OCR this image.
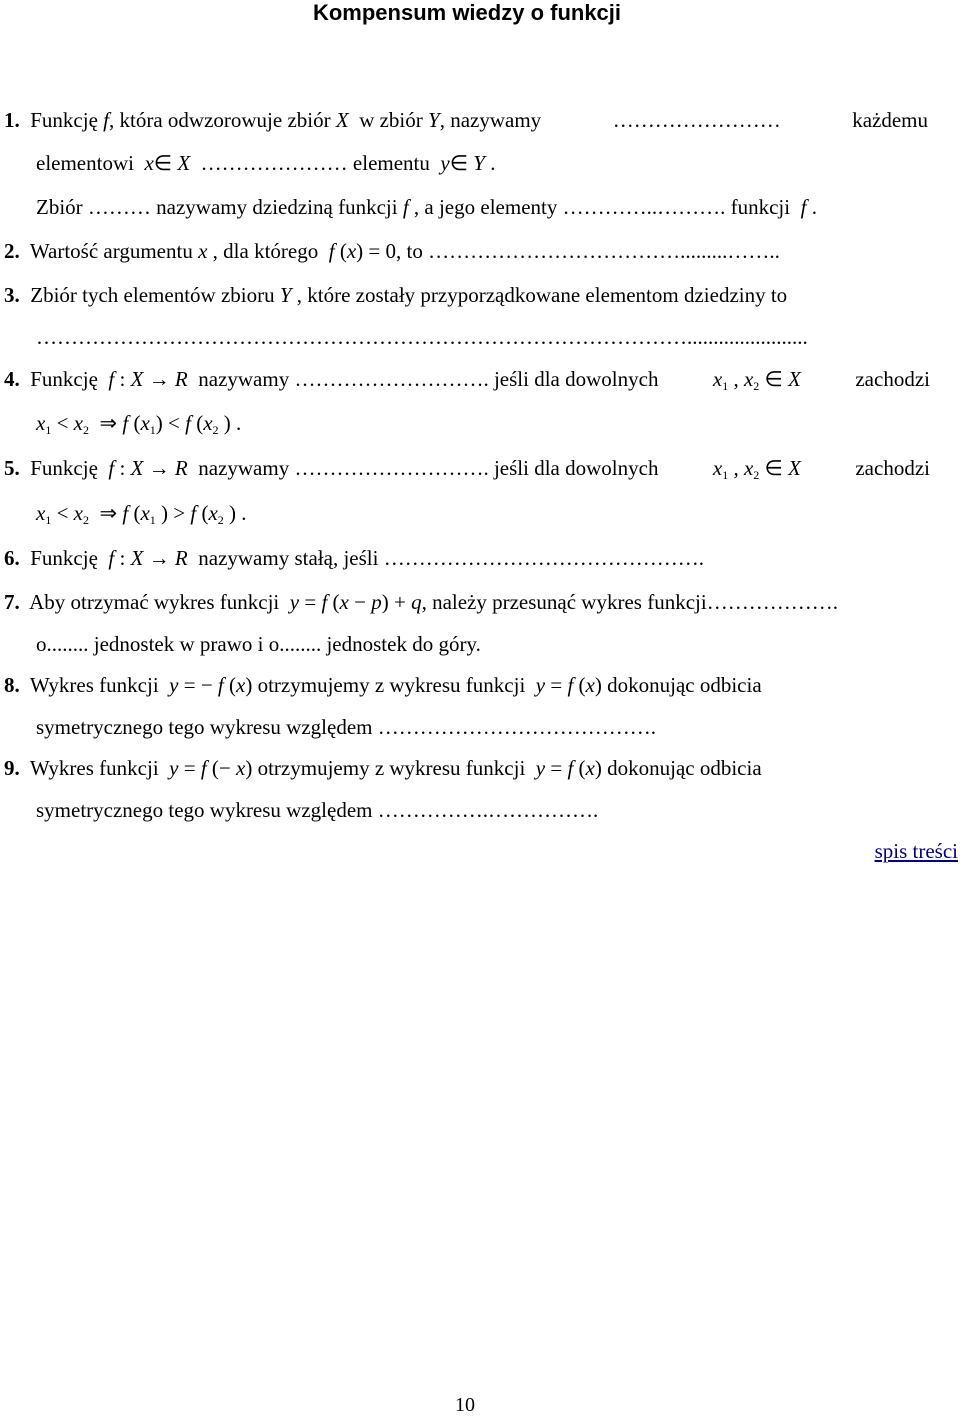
Kompensum wiedzy o funkcji
1. Funkcję f, która odwzorowuje zbiór X w zbiór Y, nazywamy	……………………	każdemu
elementowi x∈ X ………………… elementu y∈ Y .
Zbiór ……… nazywamy dziedziną funkcji f , a jego elementy …………..………. funkcji f .
2. Wartość argumentu x , dla którego f (x) = 0, to ……………………………….........……..
3. Zbiór tych elementów zbioru Y , które zostały przyporządkowane elementom dziedziny to
………………………………………………………………………………….......................
4. Funkcję f : X → R nazywamy ………………………. jeśli dla dowolnych	$x_1$ , $x_2$ ∈ X	zachodzi
$x_1 < x_2$  ⇒ f $(x_1) < f$ ($x_2$ ) .
5. Funkcję f : X → R nazywamy ………………………. jeśli dla dowolnych	$x_1$ , $x_2$ ∈ X	zachodzi
$x_1 < x_2$  ⇒ f ($x_1$ ) > f ($x_2$ ) .
6. Funkcję f : X → R nazywamy stałą, jeśli ……………………………………….
7. Aby otrzymać wykres funkcji y = f (x − p) + q, należy przesunąć wykres funkcji……………….
o........ jednostek w prawo i o........ jednostek do góry.
8. Wykres funkcji y = − f (x) otrzymujemy z wykresu funkcji y = f (x) dokonując odbicia
symetrycznego tego wykresu względem ………………………………….
9. Wykres funkcji y = f (− x) otrzymujemy z wykresu funkcji y = f (x) dokonując odbicia
symetrycznego tego wykresu względem …………….…………….
spis treści
10
